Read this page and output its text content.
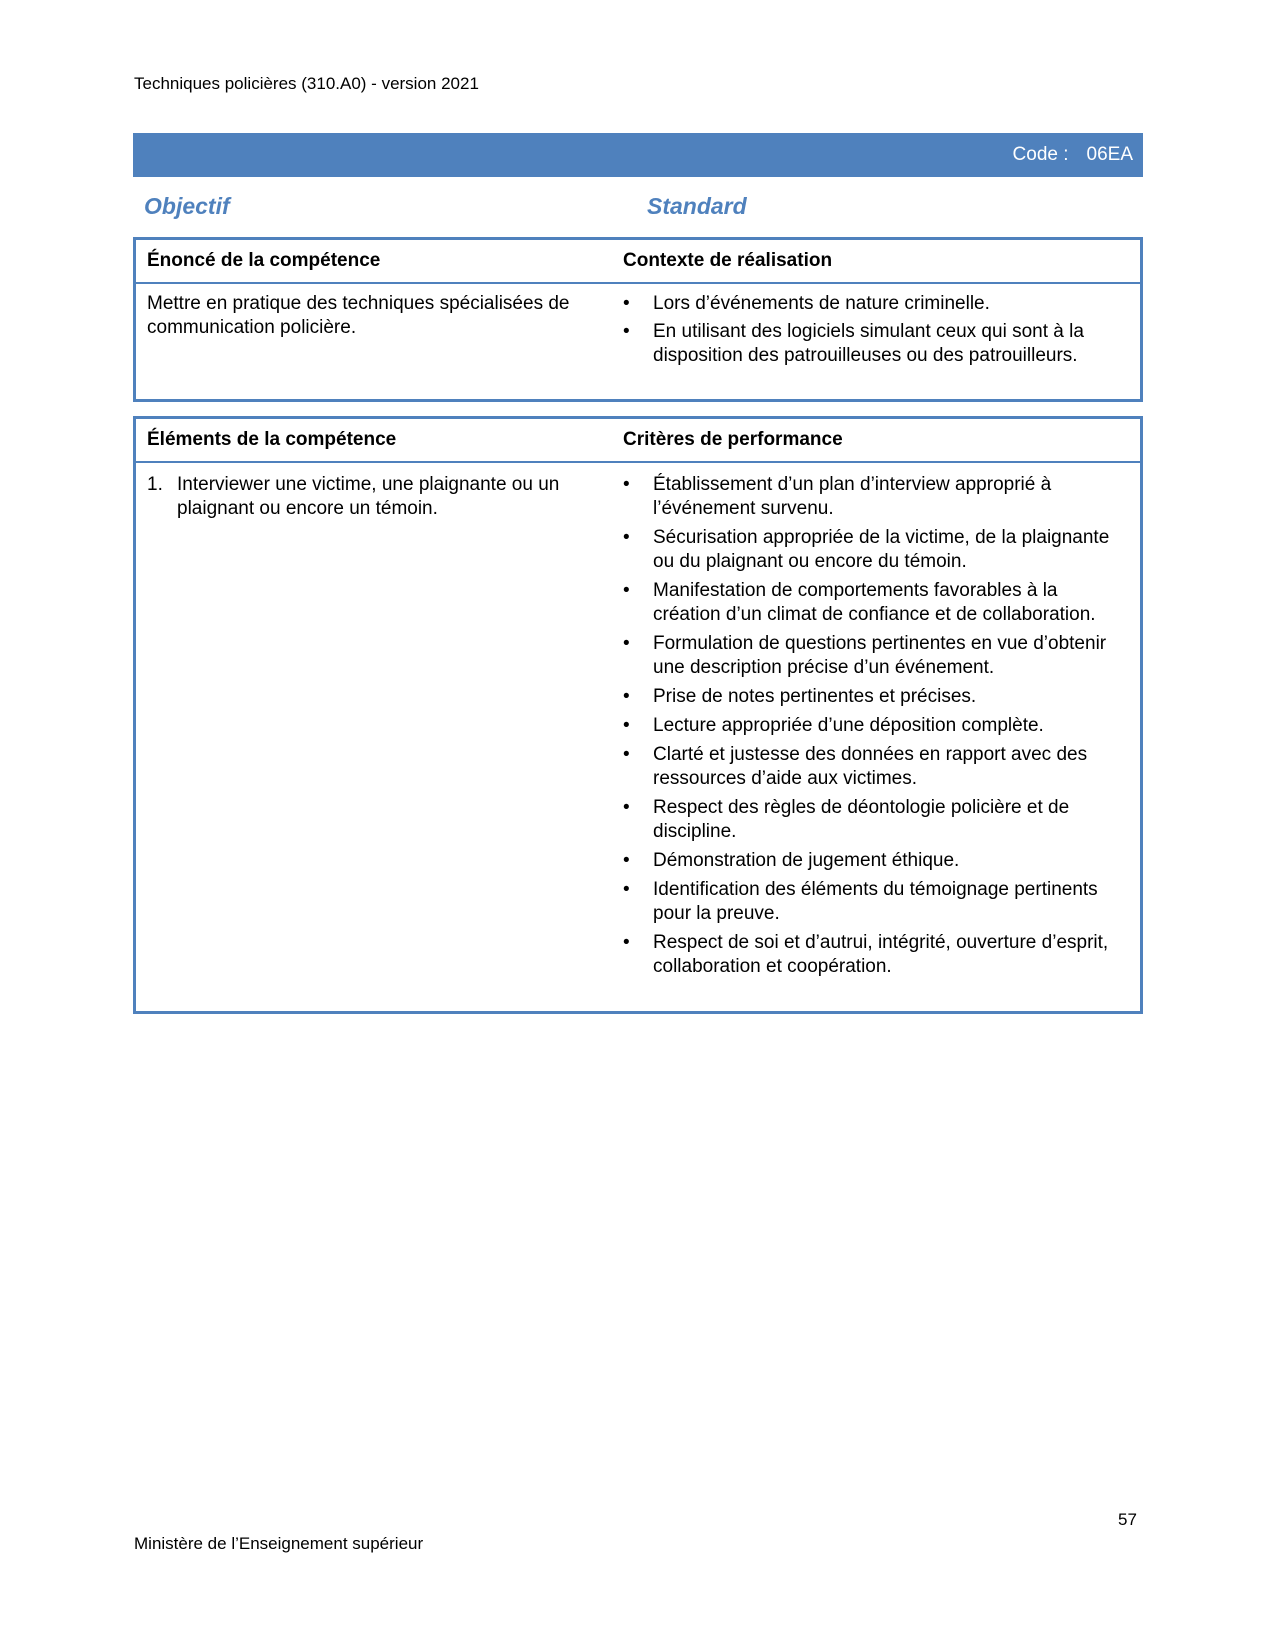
Techniques policières (310.A0) - version 2021
Code : 06EA
Objectif	Standard
Énoncé de la compétence	Contexte de réalisation
Mettre en pratique des techniques spécialisées de communication policière.
• Lors d’événements de nature criminelle.
• En utilisant des logiciels simulant ceux qui sont à la disposition des patrouilleuses ou des patrouilleurs.
Éléments de la compétence	Critères de performance
1. Interviewer une victime, une plaignante ou un plaignant ou encore un témoin.
• Établissement d’un plan d’interview approprié à l’événement survenu.
• Sécurisation appropriée de la victime, de la plaignante ou du plaignant ou encore du témoin.
• Manifestation de comportements favorables à la création d’un climat de confiance et de collaboration.
• Formulation de questions pertinentes en vue d’obtenir une description précise d’un événement.
• Prise de notes pertinentes et précises.
• Lecture appropriée d’une déposition complète.
• Clarté et justesse des données en rapport avec des ressources d’aide aux victimes.
• Respect des règles de déontologie policière et de discipline.
• Démonstration de jugement éthique.
• Identification des éléments du témoignage pertinents pour la preuve.
• Respect de soi et d’autrui, intégrité, ouverture d’esprit, collaboration et coopération.
57
Ministère de l’Enseignement supérieur
